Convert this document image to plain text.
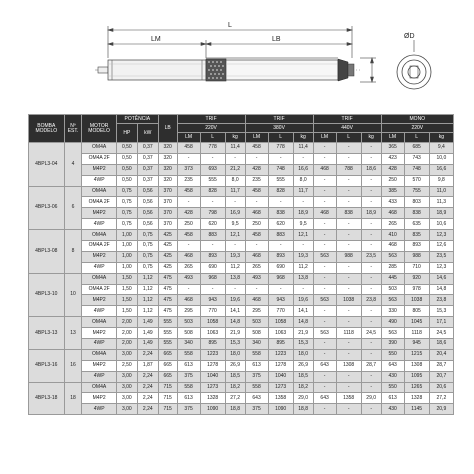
L
LM	LB	ØD
BOMBA
MODELO	Nº
EST.	MOTOR
MODELO	POTÊNCIA		LB	TRIF			TRIF			TRIF			MONO		
			HP	kW		220V			380V			440V			220V		
						LM	L	kg	LM	L	kg	LM	L	kg	LM	L	kg
4BPL3-04	4	OM4A	0,50	0,37	320	458	778	11,4	458	778	11,4	-	-	-	365	685	9,4
		OM4A 2F	0,50	0,37	320	-	-	-	-	-	-	-	-	-	423	743	10,0
		M4P2	0,50	0,37	320	373	693	21,2	428	748	16,6	468	788	18,6	428	748	16,6
		4WP	0,50	0,37	320	235	555	8,0	235	555	8,0	-	-	-	250	570	9,8
4BPL3-06	6	OM4A	0,75	0,56	370	458	828	11,7	458	828	11,7	-	-	-	385	755	11,0
		OM4A 2F	0,75	0,56	370	-	-	-	-	-	-	-	-	-	433	803	11,3
		M4P2	0,75	0,56	370	428	798	16,9	468	838	18,9	468	838	18,9	468	838	18,9
		4WP	0,75	0,56	370	250	620	9,5	250	620	9,5	-	-	-	265	635	10,6
4BPL3-08	8	OM4A	1,00	0,75	425	458	883	12,1	458	883	12,1	-	-	-	410	835	12,3
		OM4A 2F	1,00	0,75	425	-	-	-	-	-	-	-	-	-	468	893	12,6
		M4P2	1,00	0,75	425	468	893	19,3	468	893	19,3	563	988	23,5	563	988	23,5
		4WP	1,00	0,75	425	265	690	11,2	265	690	11,2	-	-	-	285	710	12,3
4BPL3-10	10	OM4A	1,50	1,12	475	493	968	13,8	493	968	13,8	-	-	-	445	920	14,6
		OM4A 2F	1,50	1,12	475	-	-	-	-	-	-	-	-	-	503	978	14,8
		M4P2	1,50	1,12	475	468	943	19,6	468	943	19,6	563	1038	23,8	563	1038	23,8
		4WP	1,50	1,12	475	295	770	14,1	295	770	14,1	-	-	-	330	805	15,3
4BPL3-13	13	OM4A	2,00	1,49	555	503	1058	14,8	503	1058	14,8	-	-	-	490	1045	17,1
		M4P2	2,00	1,49	555	508	1063	21,9	508	1063	21,9	563	1118	24,5	563	1118	24,5
		4WP	2,00	1,49	555	340	895	15,3	340	895	15,3	-	-	-	390	945	18,6
4BPL3-16	16	OM4A	3,00	2,24	665	558	1223	18,0	558	1223	18,0	-	-	-	550	1215	20,4
		M4P2	2,50	1,87	665	613	1278	26,9	613	1278	26,9	643	1308	28,7	643	1308	28,7
		4WP	3,00	2,24	665	375	1040	18,5	375	1040	18,5	-	-	-	430	1095	20,7
4BPL3-18	18	OM4A	3,00	2,24	715	558	1273	18,2	558	1273	18,2	-	-	-	550	1265	20,6
		M4P2	3,00	2,24	715	613	1328	27,2	643	1358	29,0	643	1358	29,0	613	1328	27,2
		4WP	3,00	2,24	715	375	1090	18,8	375	1090	18,8	-	-	-	430	1145	20,9
